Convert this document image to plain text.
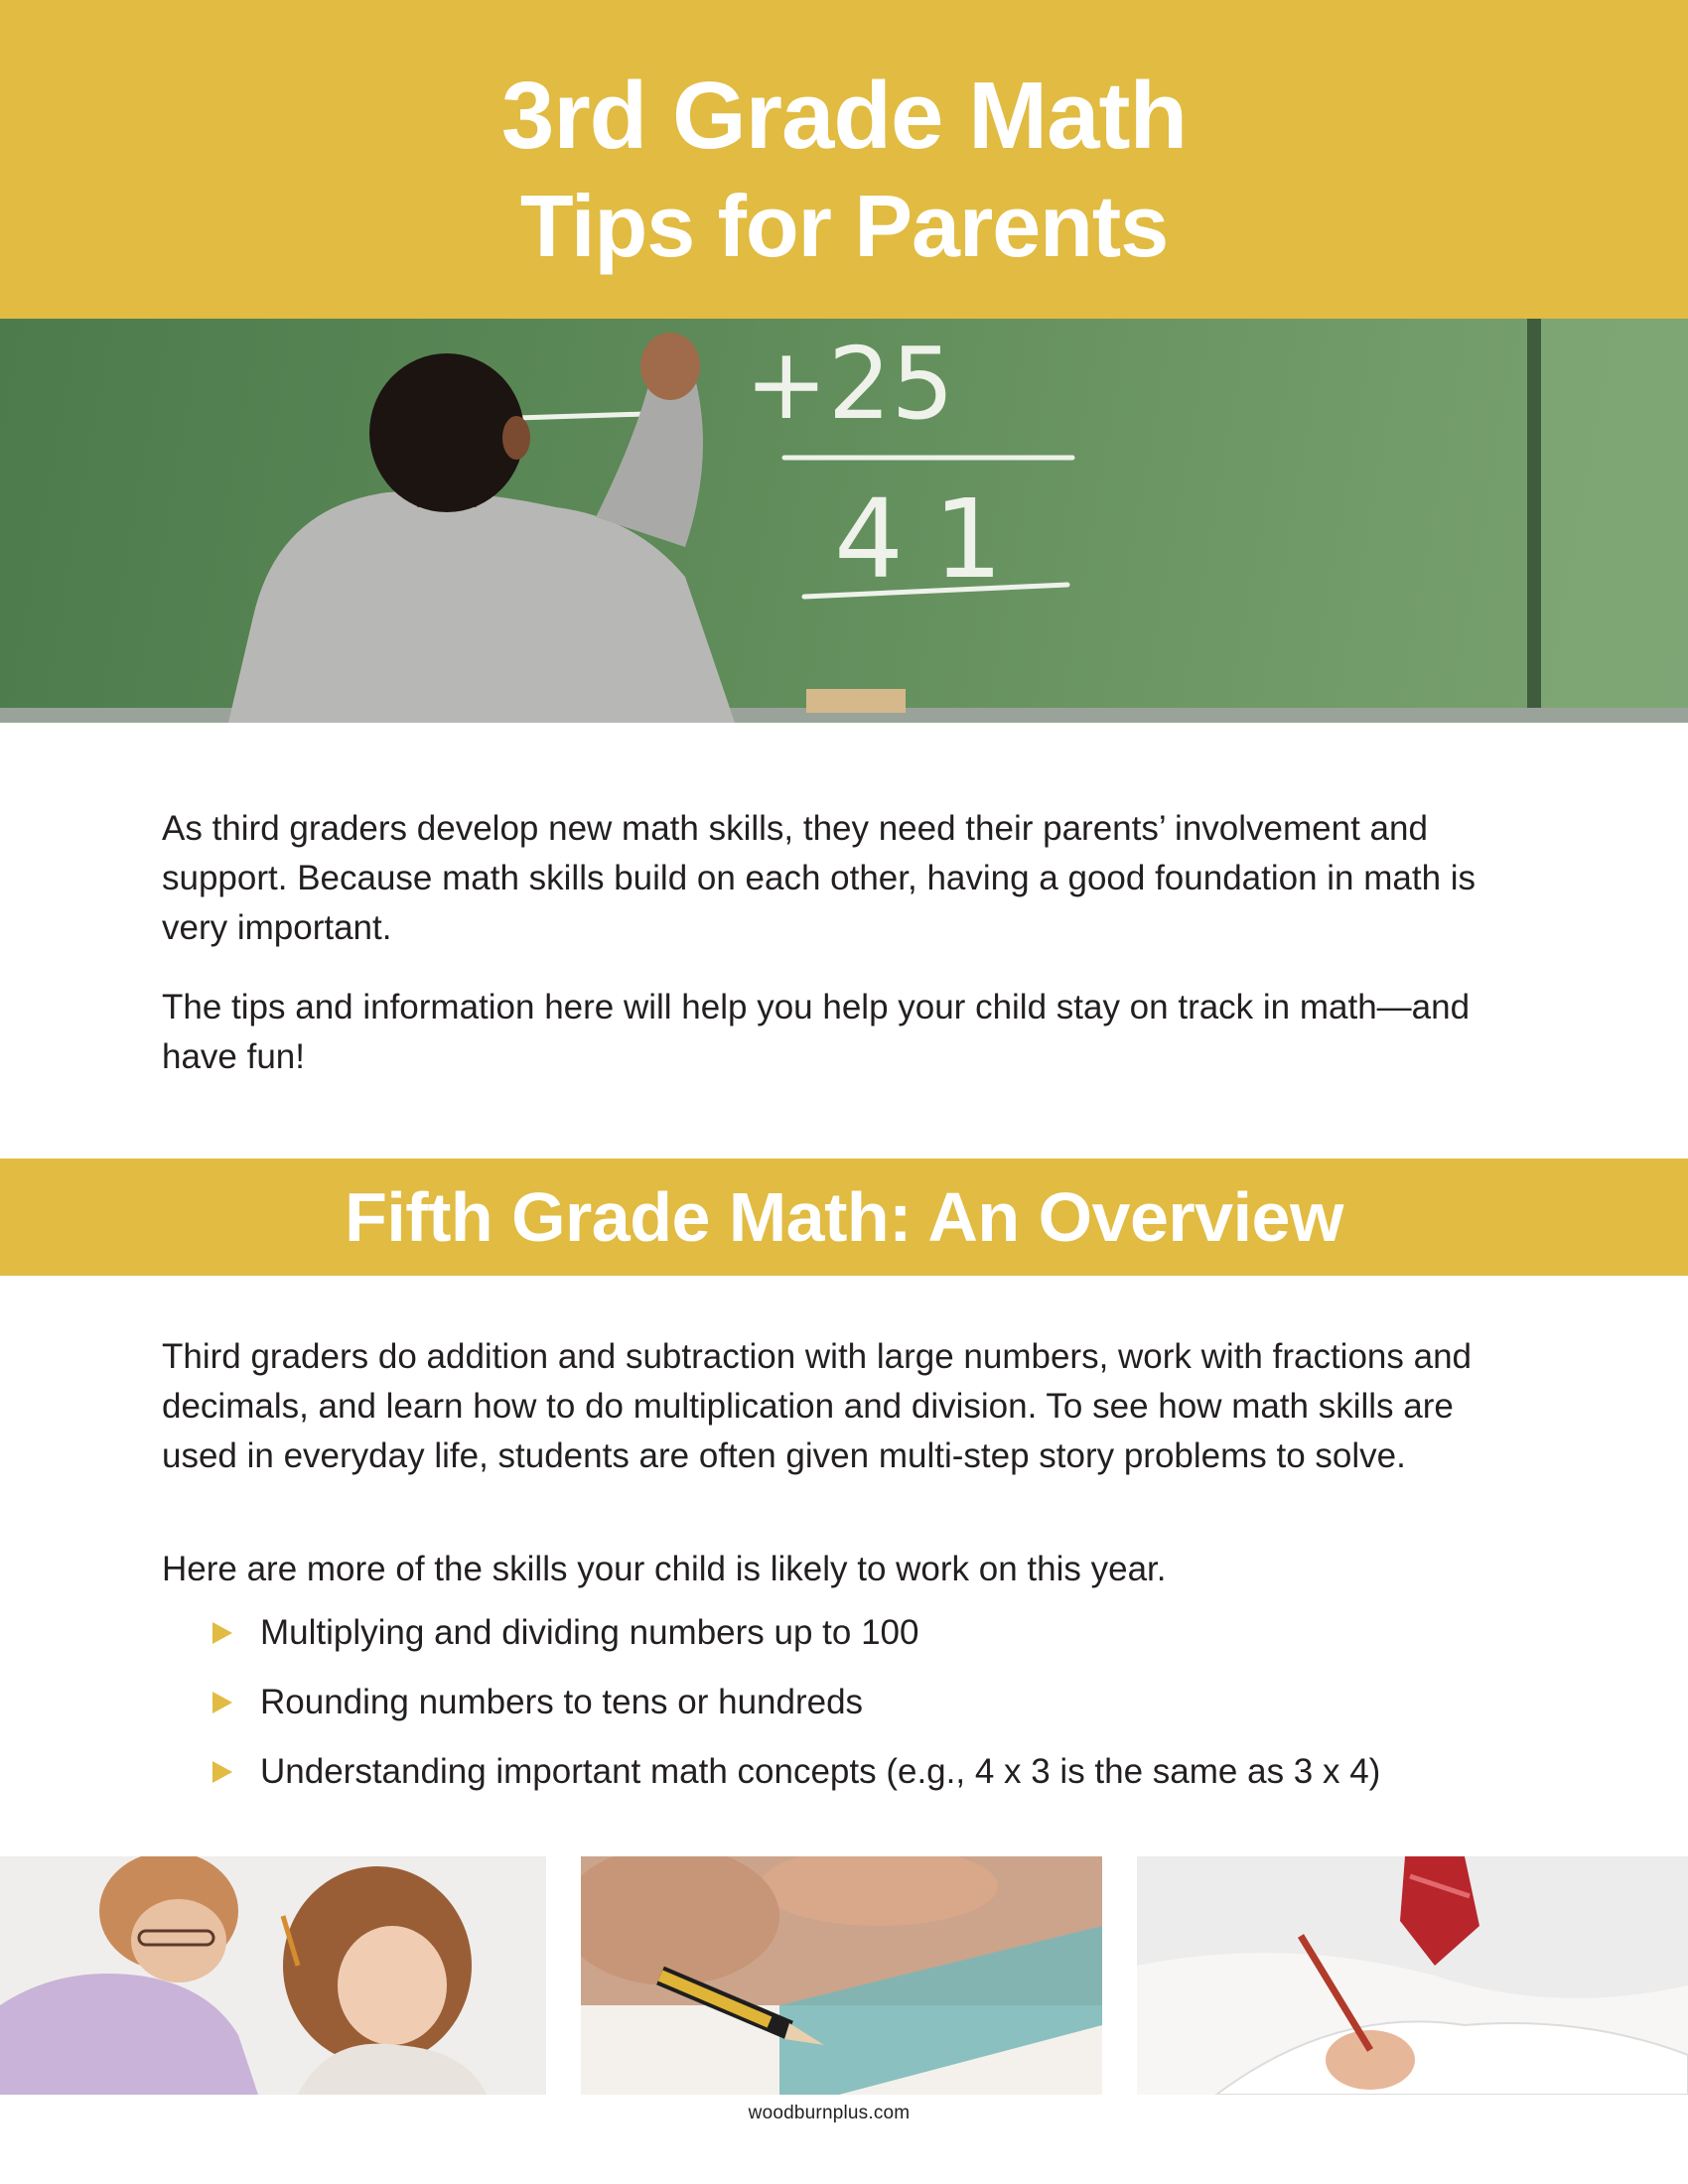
3rd Grade Math
Tips for Parents
+25
41

As third graders develop new math skills, they need their parents’ involvement and support. Because math skills build on each other, having a good foundation in math is very important.

The tips and information here will help you help your child stay on track in math—and have fun!

Fifth Grade Math: An Overview

Third graders do addition and subtraction with large numbers, work with fractions and decimals, and learn how to do multiplication and division. To see how math skills are used in everyday life, students are often given multi-step story problems to solve.

Here are more of the skills your child is likely to work on this year.

Multiplying and dividing numbers up to 100
Rounding numbers to tens or hundreds
Understanding important math concepts (e.g., 4 x 3 is the same as 3 x 4)
woodburnplus.com
